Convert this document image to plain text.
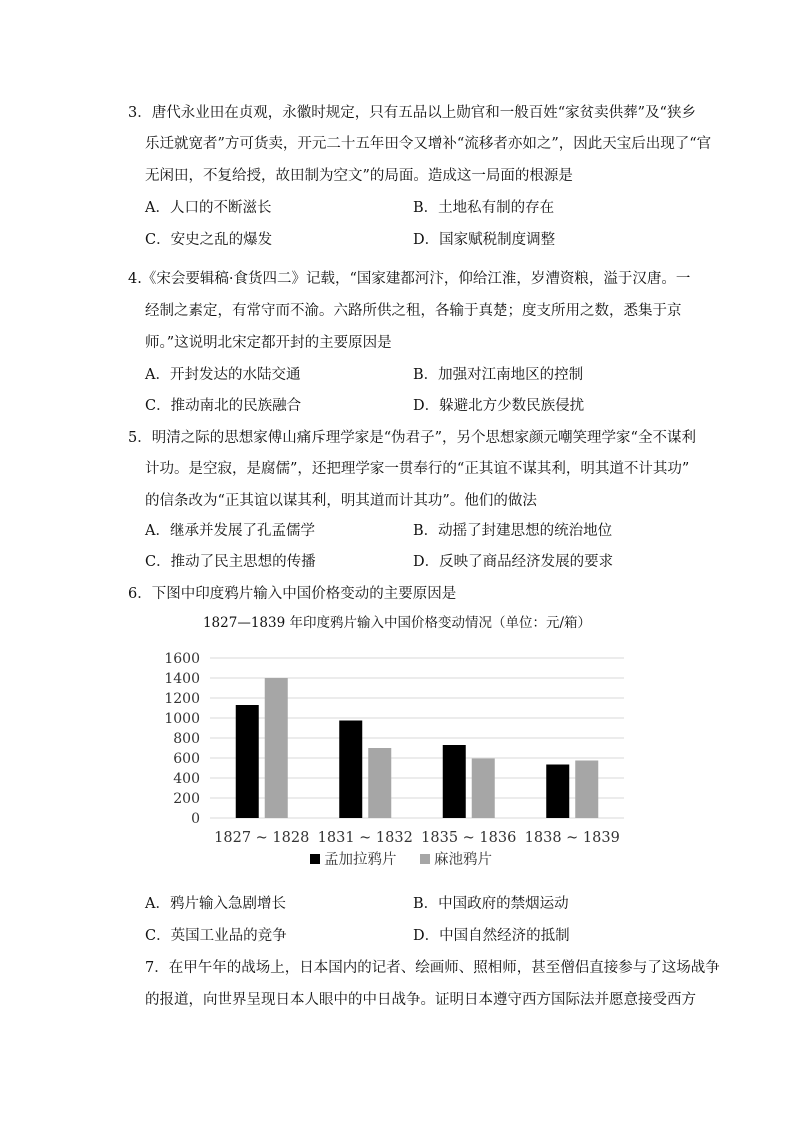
3．唐代永业田在贞观，永徽时规定，只有五品以上勋官和一般百姓“家贫卖供葬”及“狭乡
乐迁就宽者”方可货卖，开元二十五年田令又增补“流移者亦如之”，因此天宝后出现了“官
无闲田，不复给授，故田制为空文”的局面。造成这一局面的根源是
A．人口的不断滋长	B．土地私有制的存在
C．安史之乱的爆发	D．国家赋税制度调整
4.《宋会要辑稿·食货四二》记载，“国家建都河汴，仰给江淮，岁漕资粮，溢于汉唐。一
经制之素定，有常守而不渝。六路所供之租，各输于真楚；度支所用之数，悉集于京
师。”这说明北宋定都开封的主要原因是
A．开封发达的水陆交通	B．加强对江南地区的控制
C．推动南北的民族融合	D．躲避北方少数民族侵扰
5．明清之际的思想家傅山痛斥理学家是“伪君子”，另个思想家颜元嘲笑理学家“全不谋利
计功。是空寂，是腐儒”，还把理学家一贯奉行的“正其谊不谋其利，明其道不计其功”
的信条改为“正其谊以谋其利，明其道而计其功”。他们的做法
A．继承并发展了孔孟儒学	B．动摇了封建思想的统治地位
C．推动了民主思想的传播	D．反映了商品经济发展的要求
6．下图中印度鸦片输入中国价格变动的主要原因是
1827—1839 年印度鸦片输入中国价格变动情况（单位：元/箱）
0
200
400
600
800
1000
1200
1400
1600
1827 ~ 1828 1831 ~ 1832 1835 ~ 1836 1838 ~ 1839
孟加拉鸦片	麻池鸦片
A．鸦片输入急剧增长	B．中国政府的禁烟运动
C．英国工业品的竞争	D．中国自然经济的抵制
7．在甲午年的战场上，日本国内的记者、绘画师、照相师，甚至僧侣直接参与了这场战争
的报道，向世界呈现日本人眼中的中日战争。证明日本遵守西方国际法并愿意接受西方
